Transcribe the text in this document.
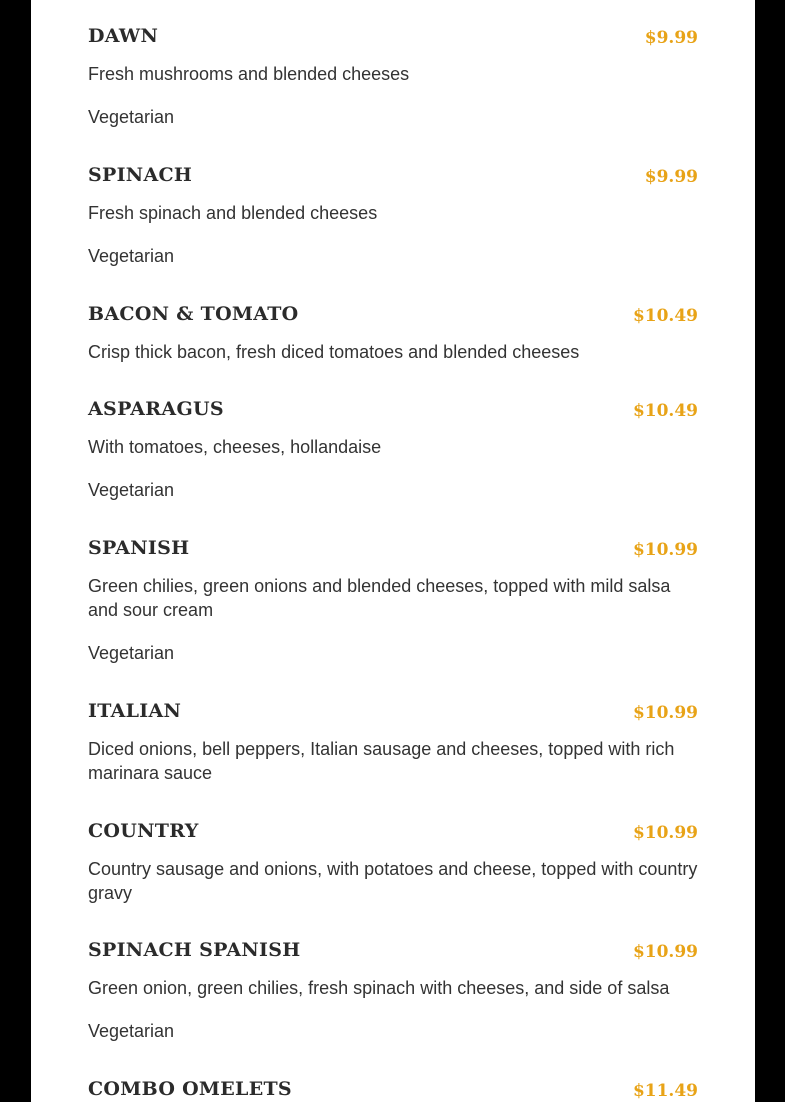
DAWN	$9.99
Fresh mushrooms and blended cheeses
Vegetarian
SPINACH	$9.99
Fresh spinach and blended cheeses
Vegetarian
BACON & TOMATO	$10.49
Crisp thick bacon, fresh diced tomatoes and blended cheeses
ASPARAGUS	$10.49
With tomatoes, cheeses, hollandaise
Vegetarian
SPANISH	$10.99
Green chilies, green onions and blended cheeses, topped with mild salsa and sour cream
Vegetarian
ITALIAN	$10.99
Diced onions, bell peppers, Italian sausage and cheeses, topped with rich marinara sauce
COUNTRY	$10.99
Country sausage and onions, with potatoes and cheese, topped with country gravy
SPINACH SPANISH	$10.99
Green onion, green chilies, fresh spinach with cheeses, and side of salsa
Vegetarian
COMBO OMELETS	$11.49
